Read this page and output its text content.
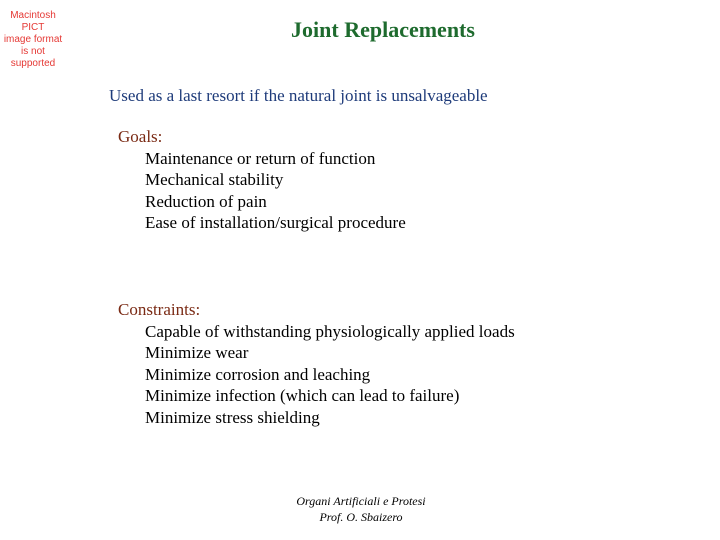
Macintosh PICT
image format
is not supported
Joint Replacements
Used as a last resort if the natural joint is unsalvageable
Goals:
Maintenance or return of function
Mechanical stability
Reduction of pain
Ease of installation/surgical procedure
Constraints:
Capable of withstanding physiologically applied loads
Minimize wear
Minimize corrosion and leaching
Minimize infection (which can lead to failure)
Minimize stress shielding
Organi Artificiali e Protesi
Prof. O. Sbaizero
